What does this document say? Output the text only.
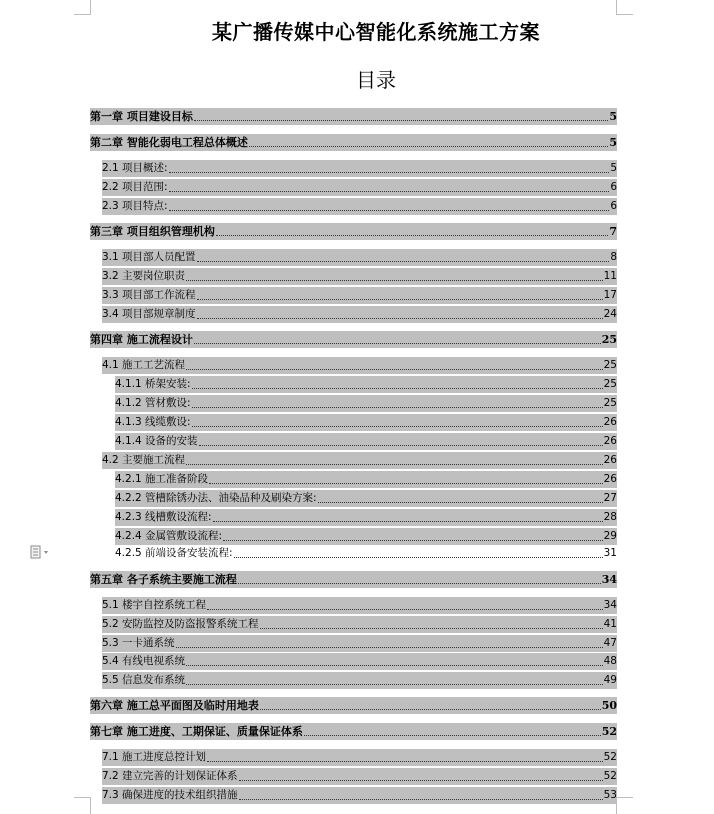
某广播传媒中心智能化系统施工方案
目录
第一章 项目建设目标	5
第二章 智能化弱电工程总体概述	5
2.1 项目概述:	5
2.2 项目范围:	6
2.3 项目特点:	6
第三章 项目组织管理机构	7
3.1 项目部人员配置	8
3.2 主要岗位职责	11
3.3 项目部工作流程	17
3.4 项目部规章制度	24
第四章 施工流程设计	25
4.1 施工工艺流程	25
4.1.1 桥架安装:	25
4.1.2 管材敷设:	25
4.1.3 线缆敷设:	26
4.1.4 设备的安装	26
4.2 主要施工流程	26
4.2.1 施工准备阶段	26
4.2.2 管槽除锈办法、油染品种及刷染方案:	27
4.2.3 线槽敷设流程:	28
4.2.4 金属管敷设流程:	29
4.2.5 前端设备安装流程:	31
第五章 各子系统主要施工流程	34
5.1 楼宇自控系统工程	34
5.2 安防监控及防盗报警系统工程	41
5.3 一卡通系统	47
5.4 有线电视系统	48
5.5 信息发布系统	49
第六章 施工总平面图及临时用地表	50
第七章 施工进度、工期保证、质量保证体系	52
7.1 施工进度总控计划	52
7.2 建立完善的计划保证体系	52
7.3 确保进度的技术组织措施	53
